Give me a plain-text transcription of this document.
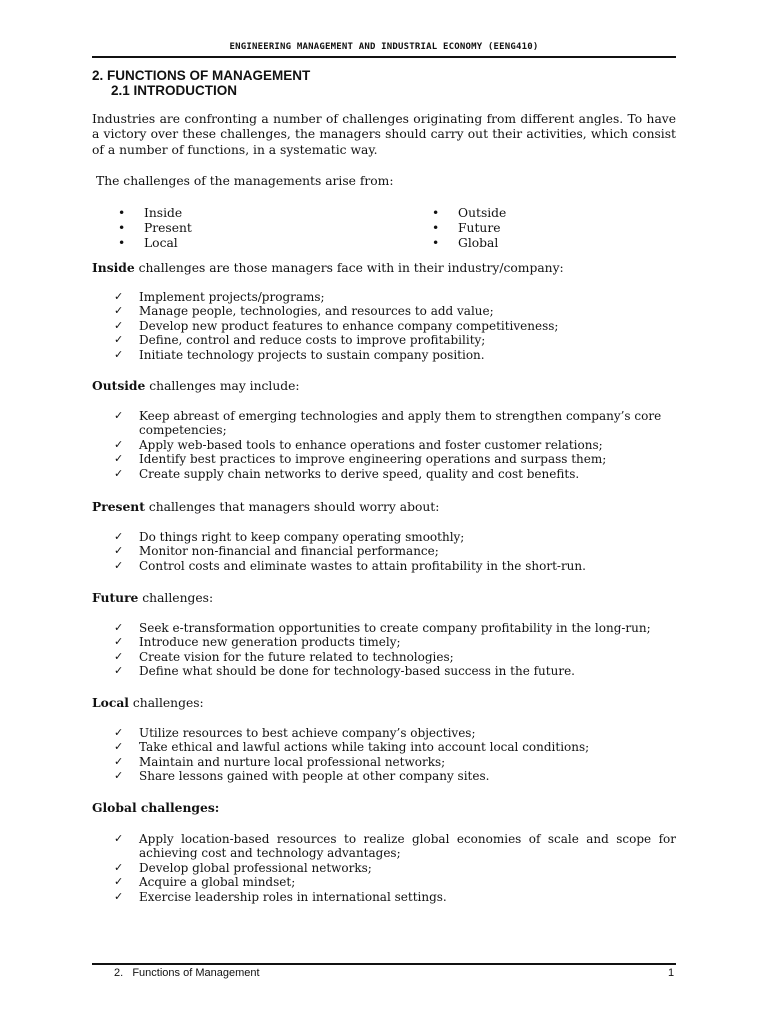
ENGINEERING MANAGEMENT AND INDUSTRIAL ECONOMY (EENG410)
2. FUNCTIONS OF MANAGEMENT
2.1 INTRODUCTION

Industries are confronting a number of challenges originating from different angles. To have a victory over these challenges, the managers should carry out their activities, which consist of a number of functions, in a systematic way.

The challenges of the managements arise from:

• Inside
• Present
• Local
• Outside
• Future
• Global

Inside challenges are those managers face with in their industry/company:

✓ Implement projects/programs;
✓ Manage people, technologies, and resources to add value;
✓ Develop new product features to enhance company competitiveness;
✓ Define, control and reduce costs to improve profitability;
✓ Initiate technology projects to sustain company position.

Outside challenges may include:

✓ Keep abreast of emerging technologies and apply them to strengthen company’s core competencies;
✓ Apply web-based tools to enhance operations and foster customer relations;
✓ Identify best practices to improve engineering operations and surpass them;
✓ Create supply chain networks to derive speed, quality and cost benefits.

Present challenges that managers should worry about:

✓ Do things right to keep company operating smoothly;
✓ Monitor non-financial and financial performance;
✓ Control costs and eliminate wastes to attain profitability in the short-run.

Future challenges:

✓ Seek e-transformation opportunities to create company profitability in the long-run;
✓ Introduce new generation products timely;
✓ Create vision for the future related to technologies;
✓ Define what should be done for technology-based success in the future.

Local challenges:

✓ Utilize resources to best achieve company’s objectives;
✓ Take ethical and lawful actions while taking into account local conditions;
✓ Maintain and nurture local professional networks;
✓ Share lessons gained with people at other company sites.

Global challenges:

✓ Apply location-based resources to realize global economies of scale and scope for achieving cost and technology advantages;
✓ Develop global professional networks;
✓ Acquire a global mindset;
✓ Exercise leadership roles in international settings.
2.   Functions of Management	1
